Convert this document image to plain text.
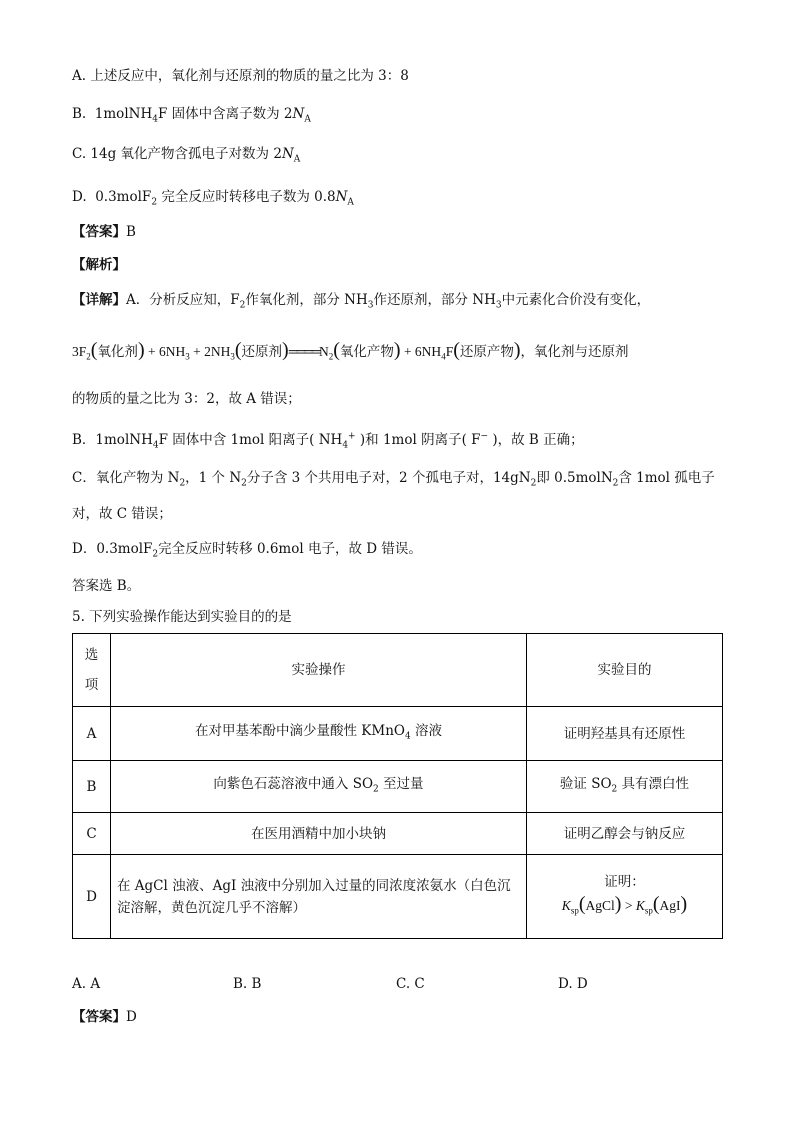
A. 上述反应中，氧化剂与还原剂的物质的量之比为 3：8
B.  1molNH$_4$F 固体中含离子数为 $2N_A$
C. 14g 氧化产物含孤电子对数为 $2N_A$
D.  0.3molF$_2$ 完全反应时转移电子数为 $0.8N_A$
【答案】B
【解析】
【详解】A．分析反应知，$F_2$作氧化剂，部分 $NH_3$作还原剂，部分 $NH_3$中元素化合价没有变化，
$3F_2$(氧化剂) + $6NH_3 + 2NH_3$(还原剂)$════N_2$(氧化产物) + $6NH_4F$(还原产物)，氧化剂与还原剂
的物质的量之比为 3：2，故 A 错误；
B．1molNH$_4$F 固体中含 1mol 阳离子( $NH_4^+$ )和 1mol 阴离子( F− )，故 B 正确；
C．氧化产物为 $N_2$，1 个 $N_2$分子含 3 个共用电子对，2 个孤电子对，$14gN_2$即 0.5molN$_2$含 1mol 孤电子
对，故 C 错误；
D．0.3molF$_2$完全反应时转移 0.6mol 电子，故 D 错误。
答案选 B。
5. 下列实验操作能达到实验目的的是
选项	实验操作	实验目的
A	在对甲基苯酚中滴少量酸性 KMnO$_4$ 溶液	证明羟基具有还原性
B	向紫色石蕊溶液中通入 $SO_2$ 至过量	验证 $SO_2$ 具有漂白性
C	在医用酒精中加小块钠	证明乙醇会与钠反应
D	在 AgCl 浊液、AgI 浊液中分别加入过量的同浓度浓氨水（白色沉淀溶解，黄色沉淀几乎不溶解）	证明：
$K_{sp}(AgCl) > K_{sp}(AgI)$
A. A	B. B	C. C	D. D
【答案】D
